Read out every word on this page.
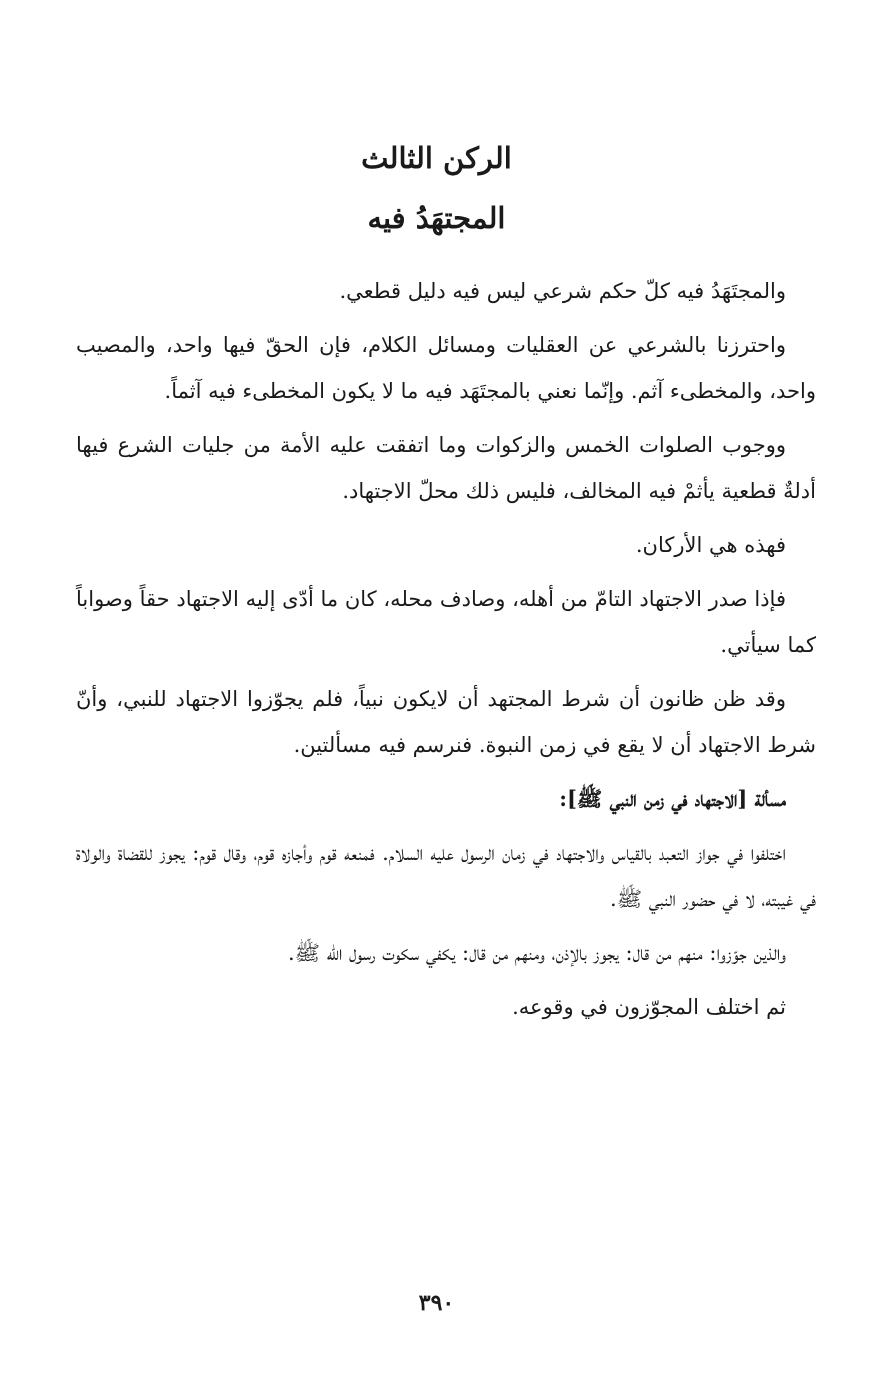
الركن الثالث
المجتهَدُ فيه

والمجتَهَدُ فيه كلّ حكم شرعي ليس فيه دليل قطعي.

واحترزنا بالشرعي عن العقليات ومسائل الكلام، فإن الحقّ فيها واحد، والمصيب واحد، والمخطىء آثم. وإنّما نعني بالمجتَهَد فيه ما لا يكون المخطىء فيه آثماً.

ووجوب الصلوات الخمس والزكوات وما اتفقت عليه الأمة من جليات الشرع فيها أدلةٌ قطعية يأثمْ فيه المخالف، فليس ذلك محلّ الاجتهاد.

فهذه هي الأركان.

فإذا صدر الاجتهاد التامّ من أهله، وصادف محله، كان ما أدّى إليه الاجتهاد حقاً وصواباً كما سيأتي.

وقد ظن ظانون أن شرط المجتهد أن لايكون نبياً، فلم يجوّزوا الاجتهاد للنبي، وأنّ شرط الاجتهاد أن لا يقع في زمن النبوة. فنرسم فيه مسألتين.

مسألة [الاجتهاد في زمن النبي ﷺ]:

اختلفوا في جواز التعبد بالقياس والاجتهاد في زمان الرسول عليه السلام. فمنعه قوم وأجازه قوم، وقال قوم: يجوز للقضاة والولاة في غيبته، لا في حضور النبي ﷺ.

والذين جوّزوا: منهم من قال: يجوز بالإذن، ومنهم من قال: يكفي سكوت رسول الله ﷺ.

ثم اختلف المجوّزون في وقوعه.

٣٩٠
